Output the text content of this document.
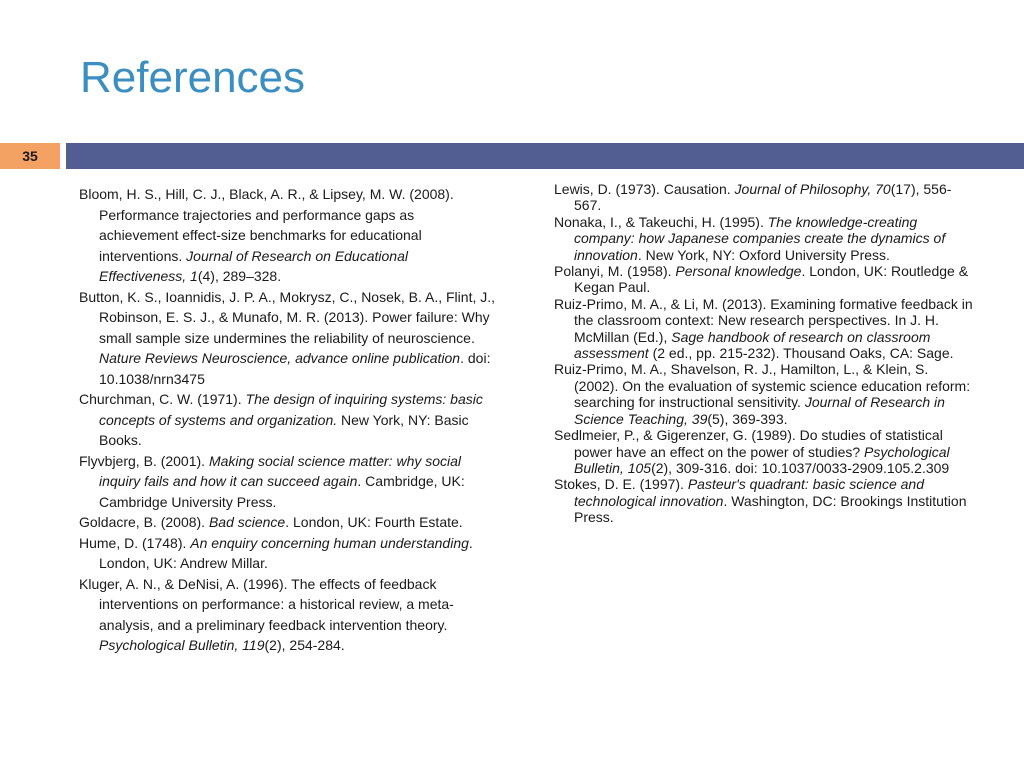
References
35

Bloom, H. S., Hill, C. J., Black, A. R., & Lipsey, M. W. (2008). Performance trajectories and performance gaps as achievement effect-size benchmarks for educational interventions. Journal of Research on Educational Effectiveness, 1(4), 289–328.

Button, K. S., Ioannidis, J. P. A., Mokrysz, C., Nosek, B. A., Flint, J., Robinson, E. S. J., & Munafo, M. R. (2013). Power failure: Why small sample size undermines the reliability of neuroscience. Nature Reviews Neuroscience, advance online publication. doi: 10.1038/nrn3475

Churchman, C. W. (1971). The design of inquiring systems: basic concepts of systems and organization. New York, NY: Basic Books.

Flyvbjerg, B. (2001). Making social science matter: why social inquiry fails and how it can succeed again. Cambridge, UK: Cambridge University Press.

Goldacre, B. (2008). Bad science. London, UK: Fourth Estate.

Hume, D. (1748). An enquiry concerning human understanding. London, UK: Andrew Millar.

Kluger, A. N., & DeNisi, A. (1996). The effects of feedback interventions on performance: a historical review, a meta-analysis, and a preliminary feedback intervention theory. Psychological Bulletin, 119(2), 254-284.

Lewis, D. (1973). Causation. Journal of Philosophy, 70(17), 556-567.

Nonaka, I., & Takeuchi, H. (1995). The knowledge-creating company: how Japanese companies create the dynamics of innovation. New York, NY: Oxford University Press.

Polanyi, M. (1958). Personal knowledge. London, UK: Routledge & Kegan Paul.

Ruiz-Primo, M. A., & Li, M. (2013). Examining formative feedback in the classroom context: New research perspectives. In J. H. McMillan (Ed.), Sage handbook of research on classroom assessment (2 ed., pp. 215-232). Thousand Oaks, CA: Sage.

Ruiz-Primo, M. A., Shavelson, R. J., Hamilton, L., & Klein, S. (2002). On the evaluation of systemic science education reform: searching for instructional sensitivity. Journal of Research in Science Teaching, 39(5), 369-393.

Sedlmeier, P., & Gigerenzer, G. (1989). Do studies of statistical power have an effect on the power of studies? Psychological Bulletin, 105(2), 309-316. doi: 10.1037/0033-2909.105.2.309

Stokes, D. E. (1997). Pasteur's quadrant: basic science and technological innovation. Washington, DC: Brookings Institution Press.
